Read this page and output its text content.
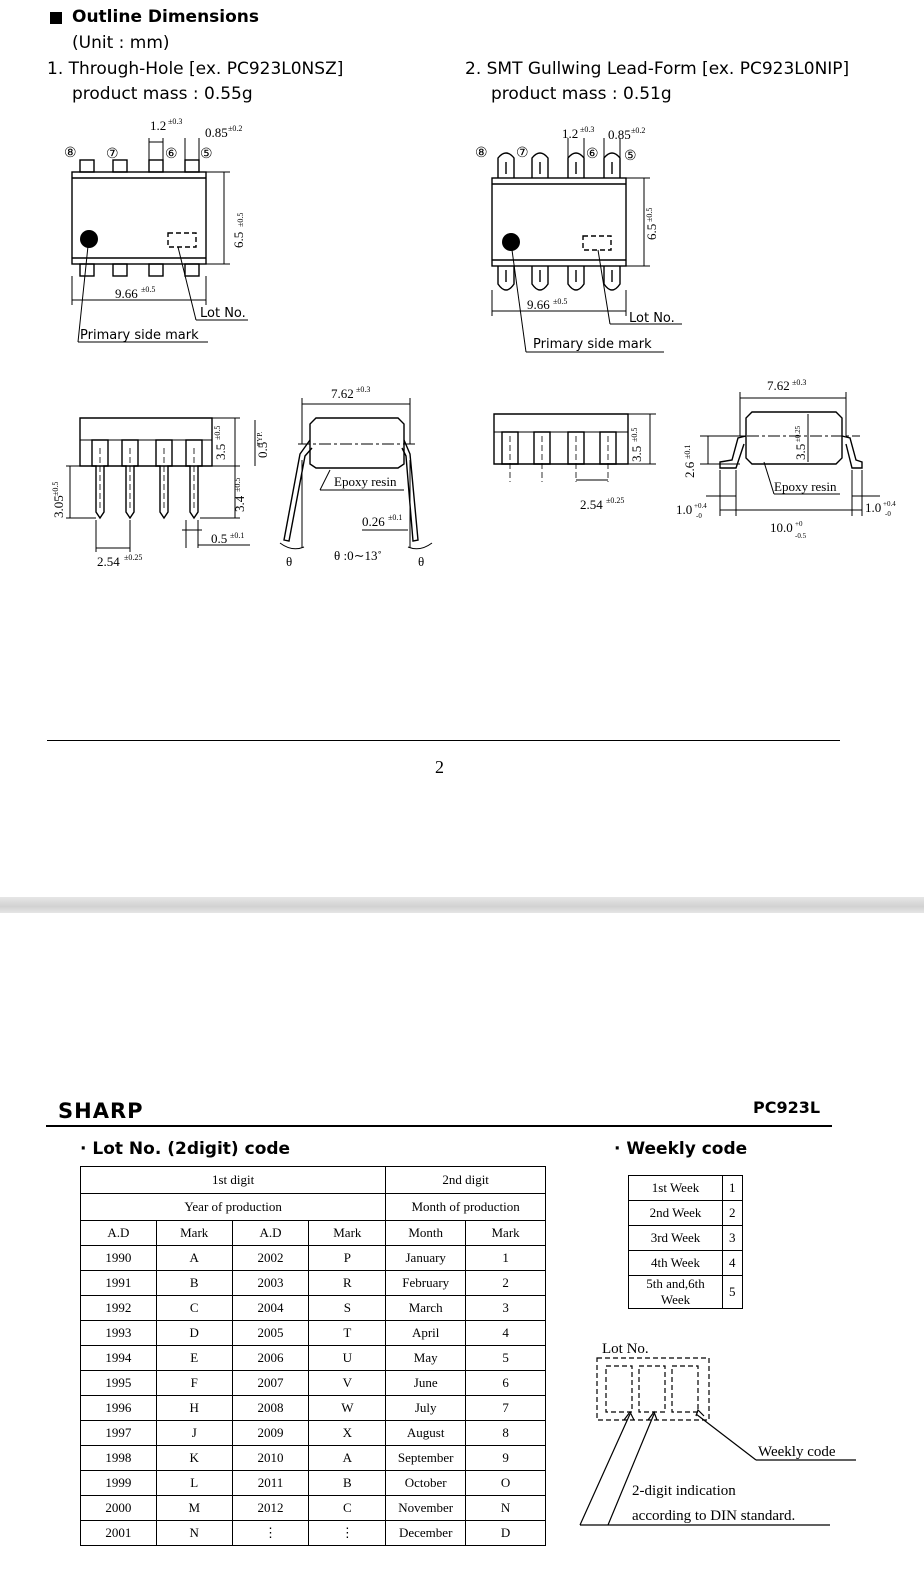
Outline Dimensions
(Unit : mm)
1. Through-Hole [ex. PC923L0NSZ]
product mass : 0.55g
2. SMT Gullwing Lead-Form [ex. PC923L0NIP]
product mass : 0.51g
1.2 ±0.3
0.85 ±0.2
9.66 ±0.5
6.5
±0.5
⑧ ⑦	⑥ ⑤
Lot No.
Primary side mark
3.5
±0.5
0.5
TYP.
3.4
±0.5
3.05
±0.5
0.5 ±0.1
2.54 ±0.25
7.62 ±0.3
Epoxy resin
0.26 ±0.1
θ :0∼13˚
θ	θ
1.2 ±0.3 0.85 ±0.2
9.66 ±0.5
6.5
±0.5
⑧ ⑦	⑥ ⑤
Lot No.
Primary side mark
3.5
±0.5
2.54 ±0.25
7.62 ±0.3
2.6
±0.1	3.5
±0.25
Epoxy resin
1.0 +0.4
-0
1.0 +0.4
-0
10.0 +0
-0.5
2
SHARP	PC923L
· Lot No. (2digit) code	· Weekly code
1st digit				2nd digit	
Year of production				Month of production	
A.D	Mark	A.D	Mark	Month	Mark
1990	A	2002	P	January	1
1991	B	2003	R	February	2
1992	C	2004	S	March	3
1993	D	2005	T	April	4
1994	E	2006	U	May	5
1995	F	2007	V	June	6
1996	H	2008	W	July	7
1997	J	2009	X	August	8
1998	K	2010	A	September	9
1999	L	2011	B	October	O
2000	M	2012	C	November	N
2001	N	⋮	⋮	December	D
1st Week	1
2nd Week	2
3rd Week	3
4th Week	4
5th and,6th Week	5
Lot No.
Weekly code
2-digit indication
according to DIN standard.
